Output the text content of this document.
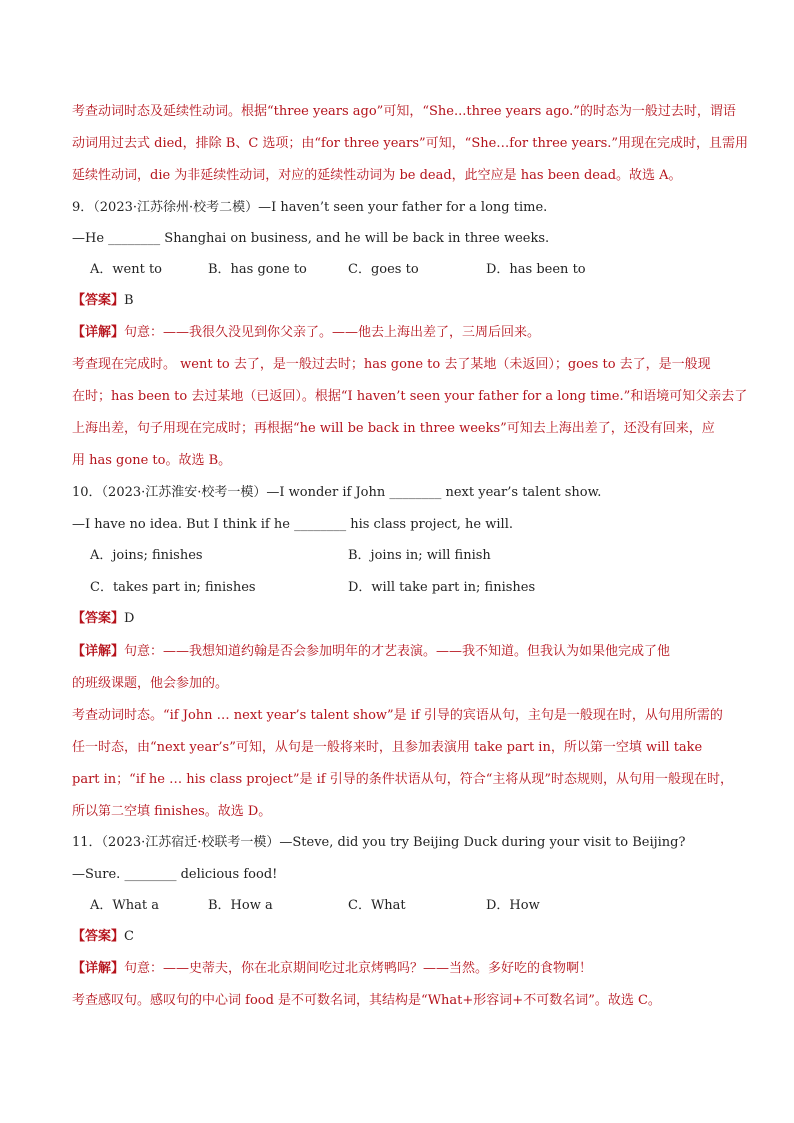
考查动词时态及延续性动词。根据“three years ago”可知，“She...three years ago.”的时态为一般过去时，谓语
动词用过去式 died，排除 B、C 选项；由“for three years”可知，“She…for three years.”用现在完成时，且需用
延续性动词，die 为非延续性动词，对应的延续性动词为 be dead，此空应是 has been dead。故选 A。
9．（2023·江苏徐州·校考二模）—I haven’t seen your father for a long time.
—He ________ Shanghai on business, and he will be back in three weeks.
A．went to	B．has gone to	C．goes to	D．has been to
【答案】B
【详解】句意：——我很久没见到你父亲了。——他去上海出差了，三周后回来。
考查现在完成时。 went to 去了，是一般过去时；has gone to 去了某地（未返回）；goes to 去了，是一般现
在时；has been to 去过某地（已返回）。根据“I haven’t seen your father for a long time.”和语境可知父亲去了
上海出差，句子用现在完成时；再根据“he will be back in three weeks”可知去上海出差了，还没有回来，应
用 has gone to。故选 B。
10．（2023·江苏淮安·校考一模）—I wonder if John ________ next year’s talent show.
—I have no idea. But I think if he ________ his class project, he will.
A．joins; finishes	B．joins in; will finish
C．takes part in; finishes	D．will take part in; finishes
【答案】D
【详解】句意：——我想知道约翰是否会参加明年的才艺表演。——我不知道。但我认为如果他完成了他
的班级课题，他会参加的。
考查动词时态。“if John … next year’s talent show”是 if 引导的宾语从句，主句是一般现在时，从句用所需的
任一时态，由“next year’s”可知，从句是一般将来时，且参加表演用 take part in，所以第一空填 will take
part in；“if he … his class project”是 if 引导的条件状语从句，符合“主将从现”时态规则，从句用一般现在时，
所以第二空填 finishes。故选 D。
11．（2023·江苏宿迁·校联考一模）—Steve, did you try Beijing Duck during your visit to Beijing?
—Sure. ________ delicious food!
A．What a	B．How a	C．What	D．How
【答案】C
【详解】句意：——史蒂夫，你在北京期间吃过北京烤鸭吗？——当然。多好吃的食物啊！
考查感叹句。感叹句的中心词 food 是不可数名词，其结构是“What+形容词+不可数名词”。故选 C。
